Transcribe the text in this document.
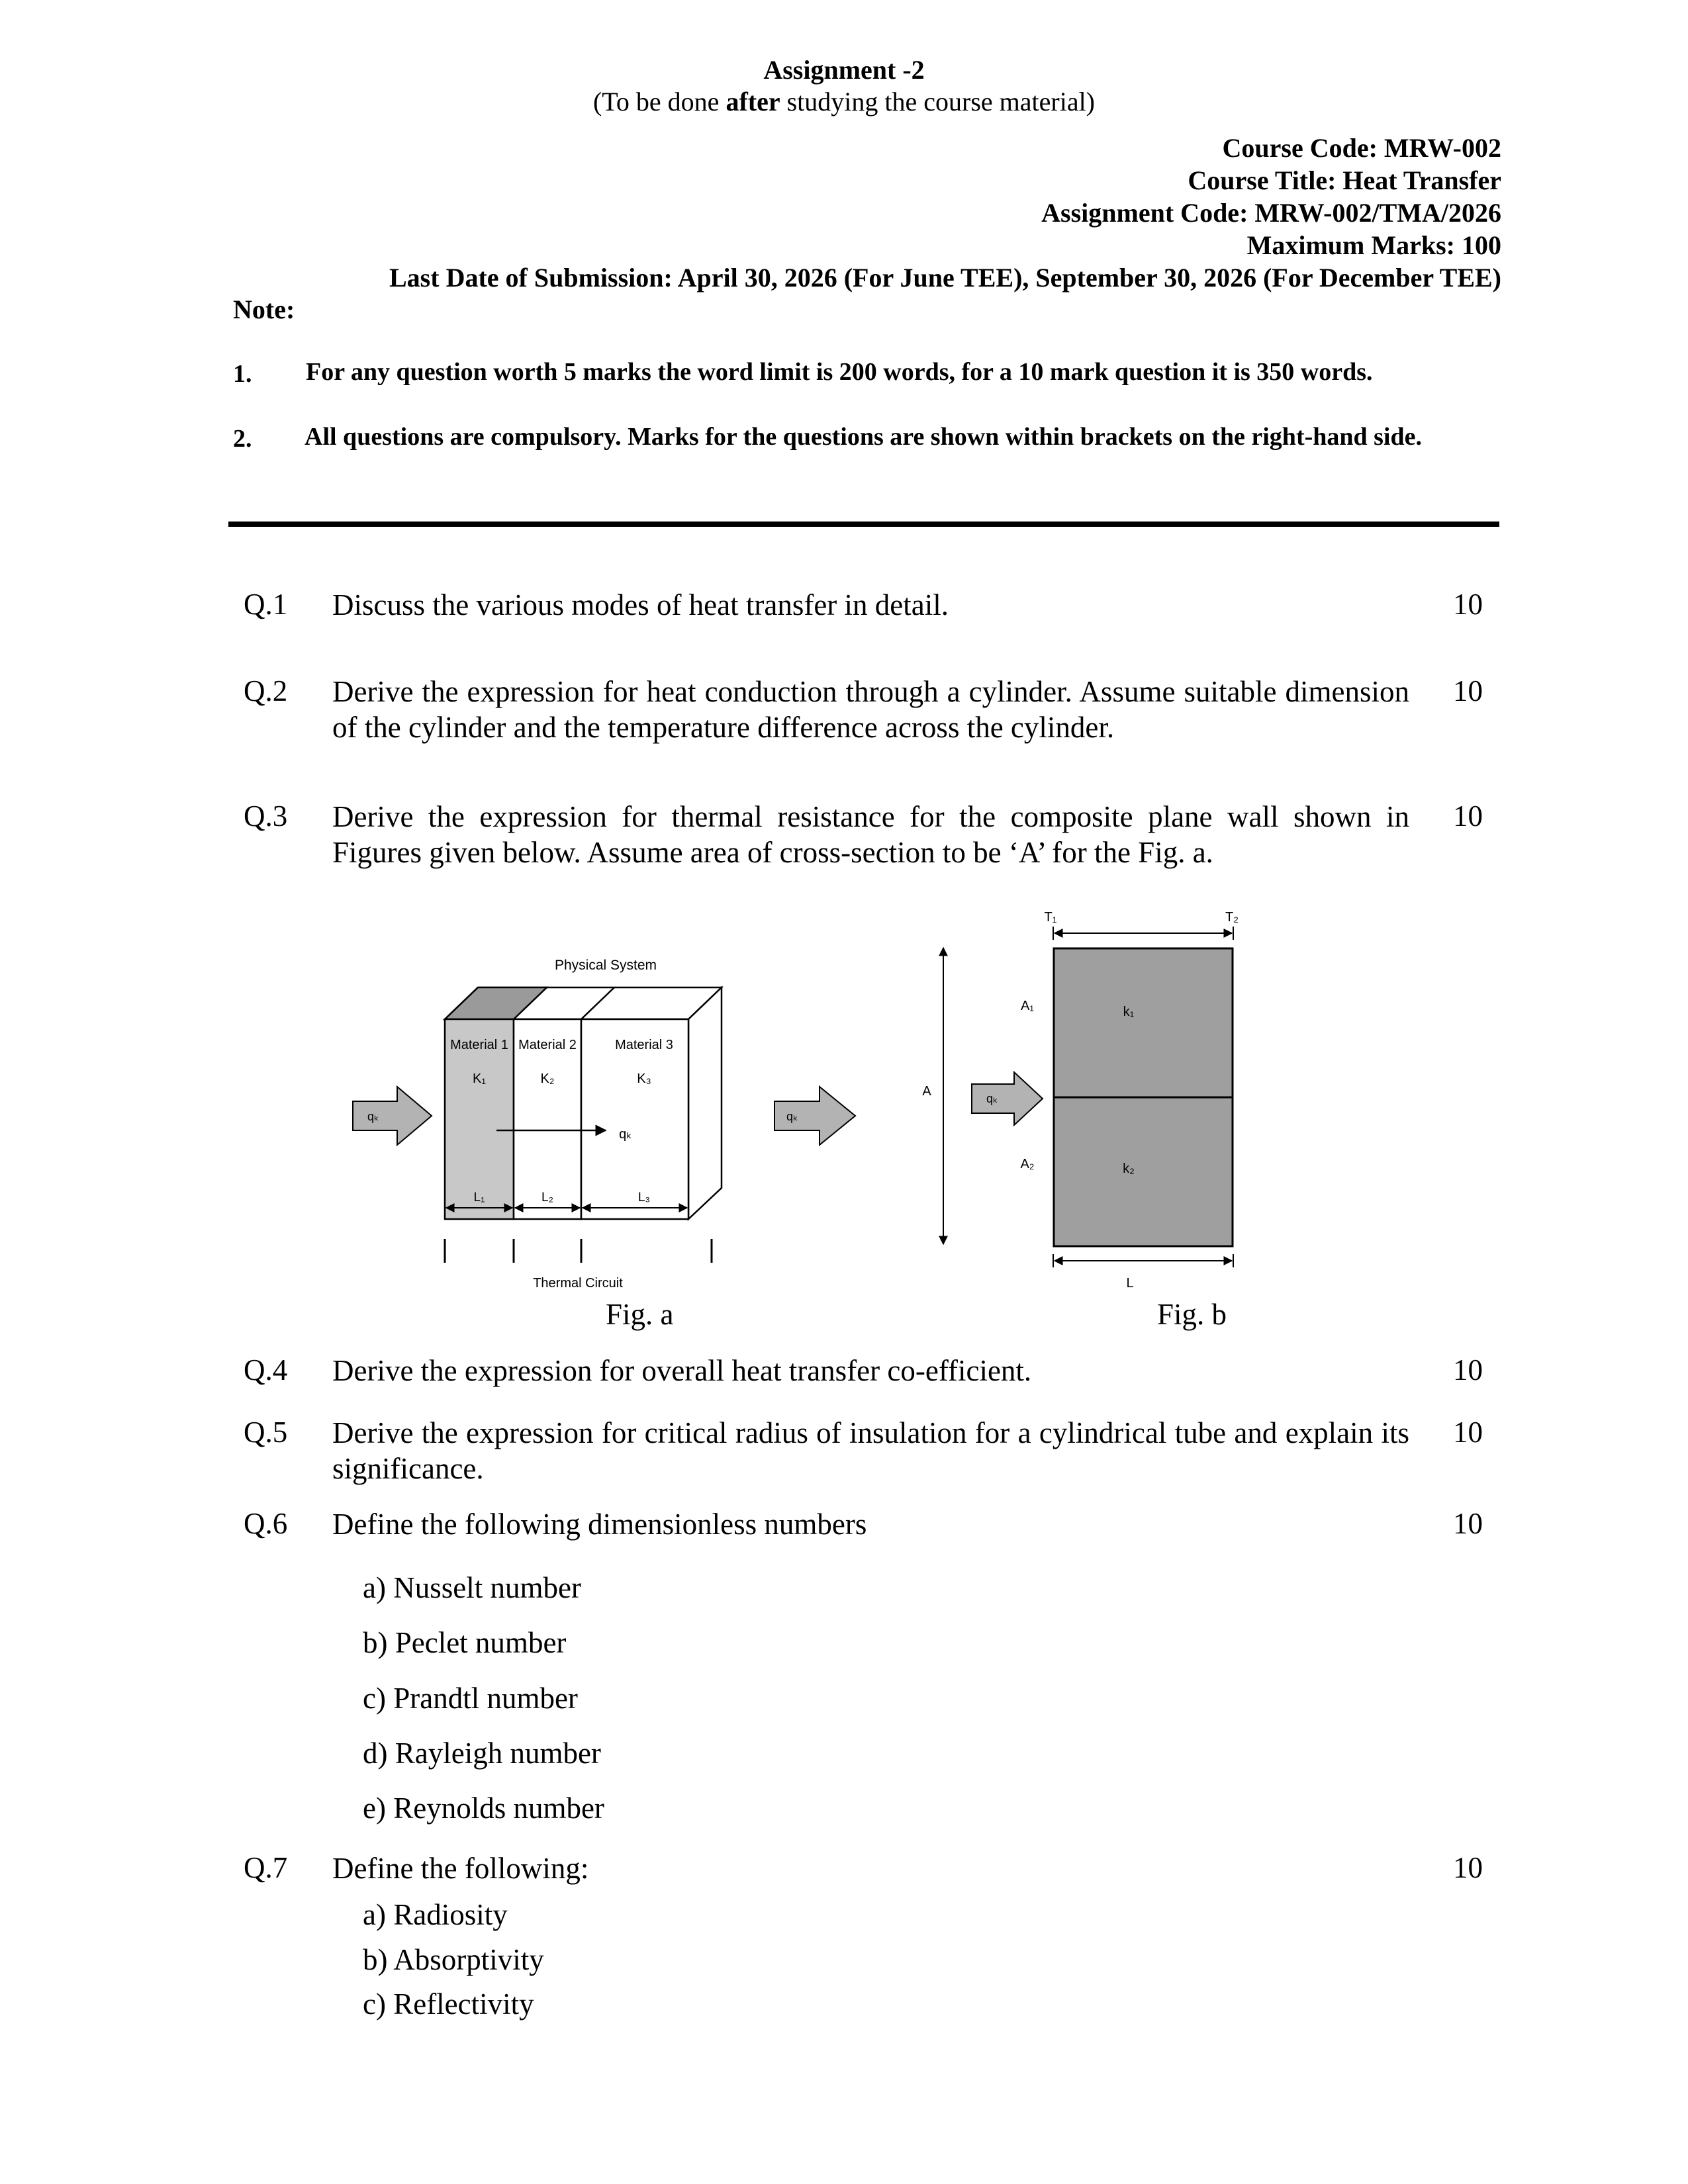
Assignment -2
(To be done after studying the course material)
Course Code: MRW-002
Course Title: Heat Transfer
Assignment Code: MRW-002/TMA/2026
Maximum Marks: 100
Last Date of Submission: April 30, 2026 (For June TEE), September 30, 2026 (For December TEE)
Note:
1. For any question worth 5 marks the word limit is 200 words, for a 10 mark question it is 350 words.
2. All questions are compulsory. Marks for the questions are shown within brackets on the right-hand side.
Q.1 Discuss the various modes of heat transfer in detail.	10
Q.2 Derive the expression for heat conduction through a cylinder. Assume suitable dimension of the cylinder and the temperature difference across the cylinder.
10
Q.3 Derive the expression for thermal resistance for the composite plane wall shown in Figures given below. Assume area of cross-section to be ‘A’ for the Fig. a.
10
Physical System
Material 1 Material 2	Material 3
K₁	K₂	K₃
qₖ
L₁	L₂	L₃
qₖ	qₖ
Thermal Circuit
T₁	T₂
k₁
k₂
A₁
A₂
A	qₖ
L
Fig. a	Fig. b
Q.4 Derive the expression for overall heat transfer co-efficient.	10
Q.5 Derive the expression for critical radius of insulation for a cylindrical tube and explain its significance.
10
Q.6 Define the following dimensionless numbers	10
a) Nusselt number
b) Peclet number
c) Prandtl number
d) Rayleigh number
e) Reynolds number
Q.7 Define the following:	10
a) Radiosity
b) Absorptivity
c) Reflectivity
